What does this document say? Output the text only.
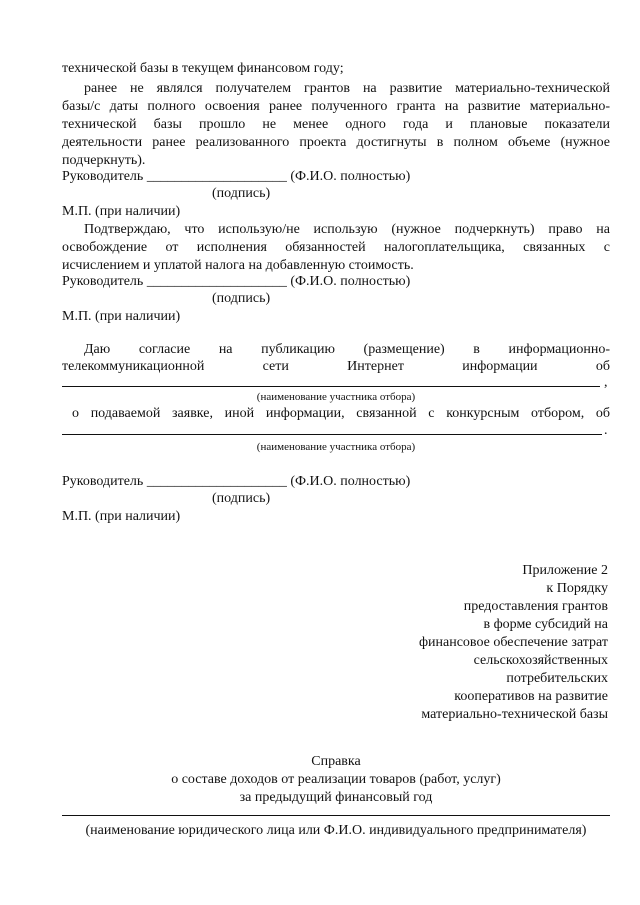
технической базы в текущем финансовом году;
ранее не являлся получателем грантов на развитие материально-технической
базы/с даты полного освоения ранее полученного гранта на развитие материально-
технической базы прошло не менее одного года и плановые показатели
деятельности ранее реализованного проекта достигнуты в полном объеме (нужное
подчеркнуть).
Руководитель ____________________ (Ф.И.О. полностью)
(подпись)
М.П. (при наличии)
Подтверждаю, что использую/не использую (нужное подчеркнуть) право на
освобождение от исполнения обязанностей налогоплательщика, связанных с
исчислением и уплатой налога на добавленную стоимость.
Руководитель ____________________ (Ф.И.О. полностью)
(подпись)
М.П. (при наличии)
Даю согласие на публикацию (размещение) в информационно-
телекоммуникационной сети Интернет информации об
,
(наименование участника отбора)
о подаваемой заявке, иной информации, связанной с конкурсным отбором, об
.
(наименование участника отбора)
Руководитель ____________________ (Ф.И.О. полностью)
(подпись)
М.П. (при наличии)
Приложение 2
к Порядку
предоставления грантов
в форме субсидий на
финансовое обеспечение затрат
сельскохозяйственных
потребительских
кооперативов на развитие
материально-технической базы
Справка
о составе доходов от реализации товаров (работ, услуг)
за предыдущий финансовый год
(наименование юридического лица или Ф.И.О. индивидуального предпринимателя)
